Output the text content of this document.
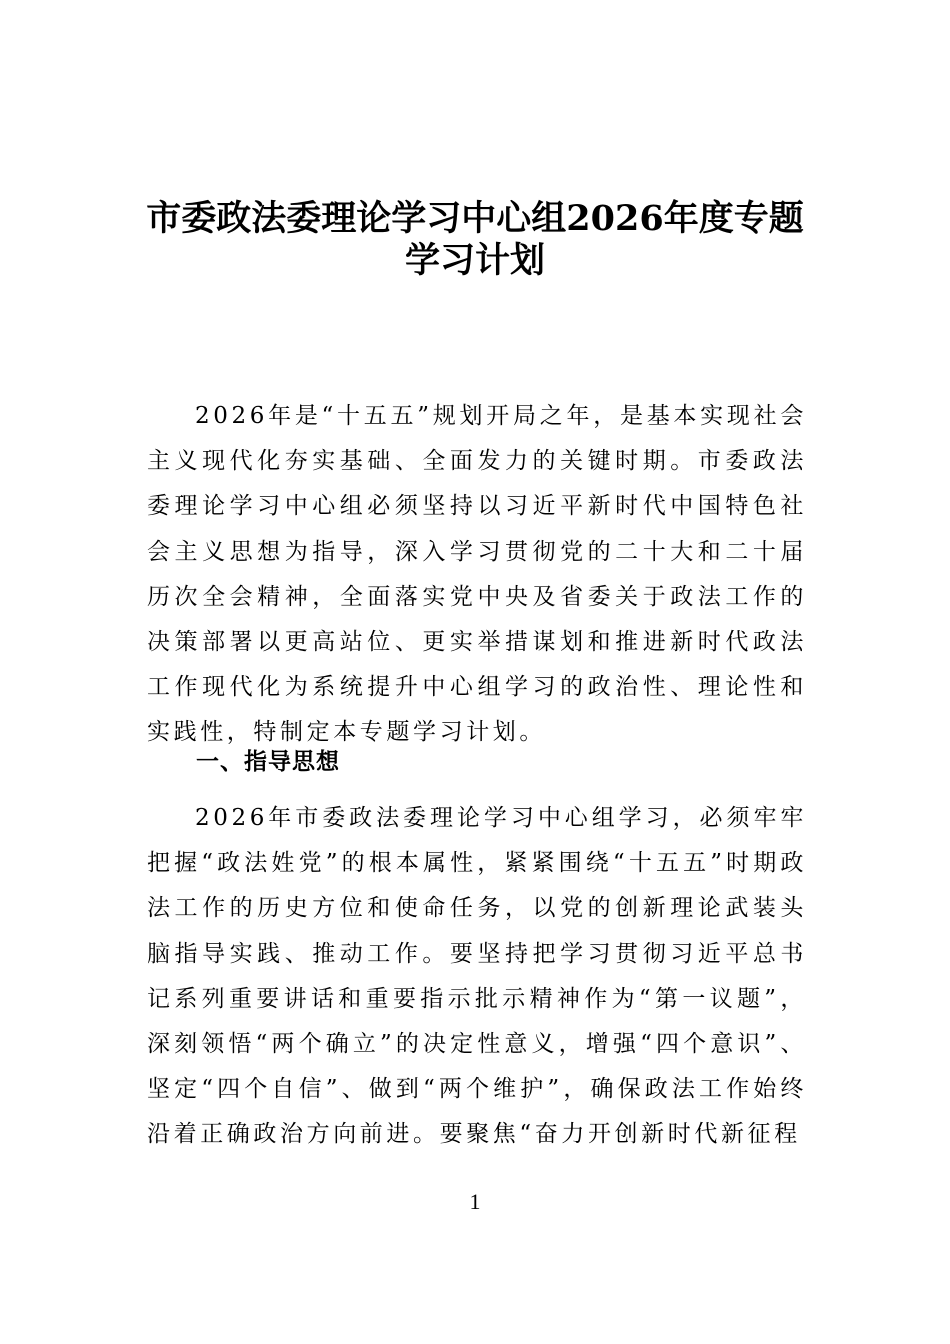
市委政法委理论学习中心组2026年度专题
学习计划
2026年是“十五五”规划开局之年，是基本实现社会主义现代化夯实基础、全面发力的关键时期。市委政法委理论学习中心组必须坚持以习近平新时代中国特色社会主义思想为指导，深入学习贯彻党的二十大和二十届历次全会精神，全面落实党中央及省委关于政法工作的决策部署以更高站位、更实举措谋划和推进新时代政法工作现代化为系统提升中心组学习的政治性、理论性和实践性，特制定本专题学习计划。
一、指导思想
2026年市委政法委理论学习中心组学习，必须牢牢把握“政法姓党”的根本属性，紧紧围绕“十五五”时期政法工作的历史方位和使命任务，以党的创新理论武装头脑指导实践、推动工作。要坚持把学习贯彻习近平总书记系列重要讲话和重要指示批示精神作为“第一议题”，深刻领悟“两个确立”的决定性意义，增强“四个意识”、坚定“四个自信”、做到“两个维护”，确保政法工作始终沿着正确政治方向前进。要聚焦“奋力开创新时代新征程
1
